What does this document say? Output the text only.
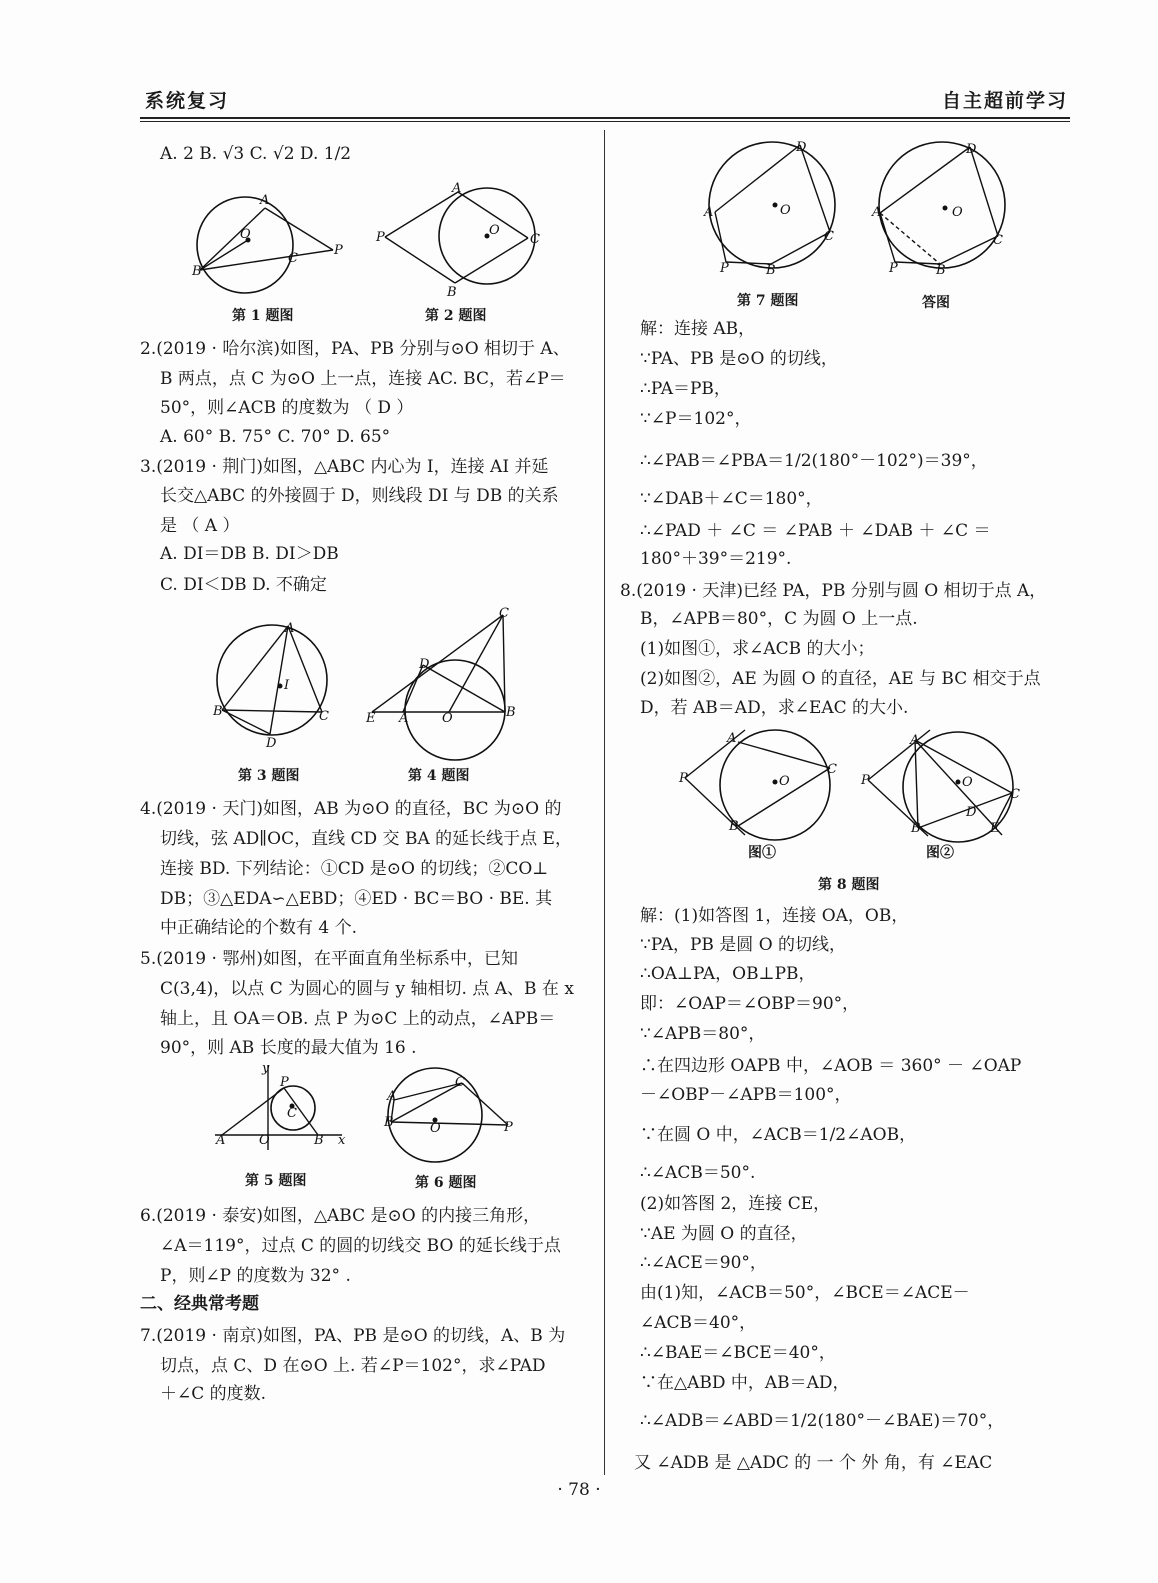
系统复习	自主超前学习
A. 2 B. √3 C. √2 D. 1/2
第 1 题图	第 2 题图
2.(2019 · 哈尔滨)如图，PA、PB 分别与⊙O 相切于 A、
B 两点，点 C 为⊙O 上一点，连接 AC. BC，若∠P＝
50°，则∠ACB 的度数为 （ D ）
A. 60° B. 75° C. 70° D. 65°
3.(2019 · 荆门)如图，△ABC 内心为 I，连接 AI 并延
长交△ABC 的外接圆于 D，则线段 DI 与 DB 的关系
是 （ A ）
A. DI＝DB B. DI＞DB
C. DI＜DB D. 不确定
第 3 题图	第 4 题图
4.(2019 · 天门)如图，AB 为⊙O 的直径，BC 为⊙O 的
切线，弦 AD∥OC，直线 CD 交 BA 的延长线于点 E，
连接 BD. 下列结论：①CD 是⊙O 的切线；②CO⊥
DB；③△EDA∽△EBD；④ED · BC＝BO · BE. 其
中正确结论的个数有 4 个.
5.(2019 · 鄂州)如图，在平面直角坐标系中，已知
C(3,4)，以点 C 为圆心的圆与 y 轴相切. 点 A、B 在 x
轴上，且 OA＝OB. 点 P 为⊙C 上的动点，∠APB＝
90°，则 AB 长度的最大值为 16 .
第 5 题图	第 6 题图
6.(2019 · 泰安)如图，△ABC 是⊙O 的内接三角形，
∠A＝119°，过点 C 的圆的切线交 BO 的延长线于点
P，则∠P 的度数为 32° .
二、经典常考题
7.(2019 · 南京)如图，PA、PB 是⊙O 的切线，A、B 为
切点，点 C、D 在⊙O 上. 若∠P＝102°，求∠PAD
＋∠C 的度数.
第 7 题图	答图
解：连接 AB，
∵PA、PB 是⊙O 的切线，
∴PA＝PB，
∵∠P＝102°，
∴∠PAB＝∠PBA＝1/2(180°－102°)＝39°，
∵∠DAB＋∠C＝180°，
∴∠PAD ＋ ∠C ＝ ∠PAB ＋ ∠DAB ＋ ∠C ＝
180°＋39°＝219°.
8.(2019 · 天津)已经 PA，PB 分别与圆 O 相切于点 A，
B，∠APB＝80°，C 为圆 O 上一点.
(1)如图①，求∠ACB 的大小；
(2)如图②，AE 为圆 O 的直径，AE 与 BC 相交于点
D，若 AB＝AD，求∠EAC 的大小.
图①	图②
第 8 题图
解：(1)如答图 1，连接 OA，OB，
∵PA，PB 是圆 O 的切线，
∴OA⊥PA，OB⊥PB，
即：∠OAP＝∠OBP＝90°，
∵∠APB＝80°，
∴在四边形 OAPB 中，∠AOB ＝ 360° － ∠OAP
－∠OBP－∠APB＝100°，
∵在圆 O 中，∠ACB＝1/2∠AOB，
∴∠ACB＝50°.
(2)如答图 2，连接 CE，
∵AE 为圆 O 的直径，
∴∠ACE＝90°，
由(1)知，∠ACB＝50°，∠BCE＝∠ACE－
∠ACB＝40°，
∴∠BAE＝∠BCE＝40°，
∵在△ABD 中，AB＝AD，
∴∠ADB＝∠ABD＝1/2(180°－∠BAE)＝70°，
又 ∠ADB 是 △ADC 的 一 个 外 角，有 ∠EAC
A
O
B
C
P
A
P	O
C
B
A
I
B	C
D
C
D
E A	O	B
y
P
C
A	O	B x
A
C
B	O	P
D
A	O
C
P	B
D
A	O
C
P	B
A
P	O
C
B
A
P	O
C
B
D
E
· 78 ·
